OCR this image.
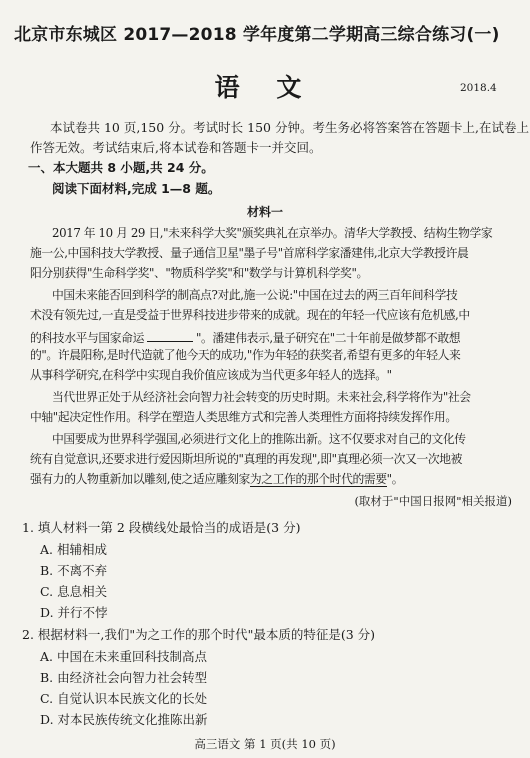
北京市东城区 2017—2018 学年度第二学期高三综合练习(一)
语 文	2018.4
本试卷共 10 页,150 分。考试时长 150 分钟。考生务必将答案答在答题卡上,在试卷上
作答无效。考试结束后,将本试卷和答题卡一并交回。
一、本大题共 8 小题,共 24 分。
阅读下面材料,完成 1—8 题。
材料一
2017 年 10 月 29 日,"未来科学大奖"颁奖典礼在京举办。清华大学教授、结构生物学家
施一公,中国科技大学教授、量子通信卫星"墨子号"首席科学家潘建伟,北京大学教授许晨
阳分别获得"生命科学奖"、"物质科学奖"和"数学与计算机科学奖"。
中国未来能否回到科学的制高点?对此,施一公说:"中国在过去的两三百年间科学技
术没有领先过,一直是受益于世界科技进步带来的成就。现在的年轻一代应该有危机感,中
的科技水平与国家命运	"。潘建伟表示,量子研究在"二十年前是做梦都不敢想
的"。许晨阳称,是时代造就了他今天的成功,"作为年轻的获奖者,希望有更多的年轻人来
从事科学研究,在科学中实现自我价值应该成为当代更多年轻人的选择。"
当代世界正处于从经济社会向智力社会转变的历史时期。未来社会,科学将作为"社会
中轴"起决定性作用。科学在塑造人类思维方式和完善人类理性方面将持续发挥作用。
中国要成为世界科学强国,必须进行文化上的推陈出新。这不仅要求对自己的文化传
统有自觉意识,还要求进行爱因斯坦所说的"真理的再发现",即"真理必须一次又一次地被
强有力的人物重新加以雕刻,使之适应雕刻家为之工作的那个时代的需要"。
(取材于"中国日报网"相关报道)
1. 填人材料一第 2 段横线处最恰当的成语是(3 分)
A. 相辅相成
B. 不离不弃
C. 息息相关
D. 并行不悖
2. 根据材料一,我们"为之工作的那个时代"最本质的特征是(3 分)
A. 中国在未来重回科技制高点
B. 由经济社会向智力社会转型
C. 自觉认识本民族文化的长处
D. 对本民族传统文化推陈出新
高三语文 第 1 页(共 10 页)
